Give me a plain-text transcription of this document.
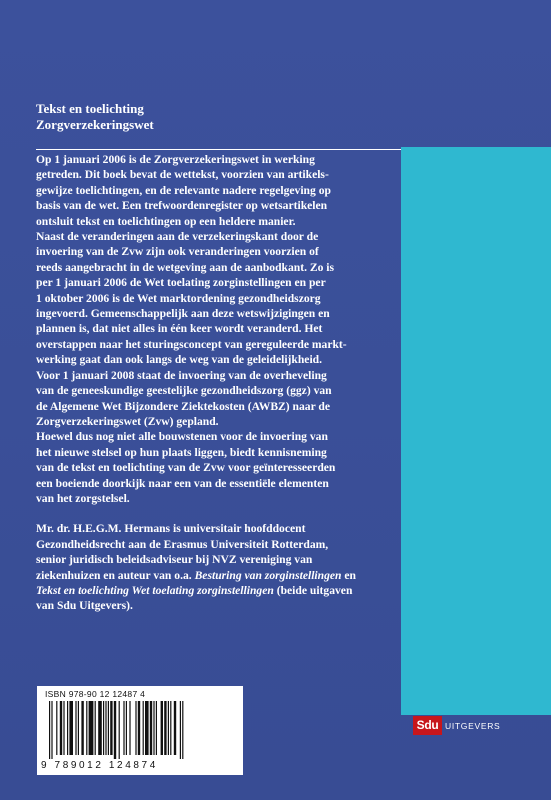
Tekst en toelichting
Zorgverzekeringswet

Op 1 januari 2006 is de Zorgverzekeringswet in werking
getreden. Dit boek bevat de wettekst, voorzien van artikels-
gewijze toelichtingen, en de relevante nadere regelgeving op
basis van de wet. Een trefwoordenregister op wetsartikelen
ontsluit tekst en toelichtingen op een heldere manier.

Naast de veranderingen aan de verzekeringskant door de
invoering van de Zvw zijn ook veranderingen voorzien of
reeds aangebracht in de wetgeving aan de aanbodkant. Zo is
per 1 januari 2006 de Wet toelating zorginstellingen en per
1 oktober 2006 is de Wet marktordening gezondheidszorg
ingevoerd. Gemeenschappelijk aan deze wetswijzigingen en
plannen is, dat niet alles in één keer wordt veranderd. Het
overstappen naar het sturingsconcept van gereguleerde markt-
werking gaat dan ook langs de weg van de geleidelijkheid.

Voor 1 januari 2008 staat de invoering van de overheveling
van de geneeskundige geestelijke gezondheidszorg (ggz) van
de Algemene Wet Bijzondere Ziektekosten (AWBZ) naar de
Zorgverzekeringswet (Zvw) gepland.

Hoewel dus nog niet alle bouwstenen voor de invoering van
het nieuwe stelsel op hun plaats liggen, biedt kennisneming
van de tekst en toelichting van de Zvw voor geïnteresseerden
een boeiende doorkijk naar een van de essentiële elementen
van het zorgstelsel.

Mr. dr. H.E.G.M. Hermans is universitair hoofddocent
Gezondheidsrecht aan de Erasmus Universiteit Rotterdam,
senior juridisch beleidsadviseur bij NVZ vereniging van
ziekenhuizen en auteur van o.a. Besturing van zorginstellingen en
Tekst en toelichting Wet toelating zorginstellingen (beide uitgaven
van Sdu Uitgevers).

ISBN 978-90 12 12487 4
9 789012 124874
Sdu UITGEVERS
